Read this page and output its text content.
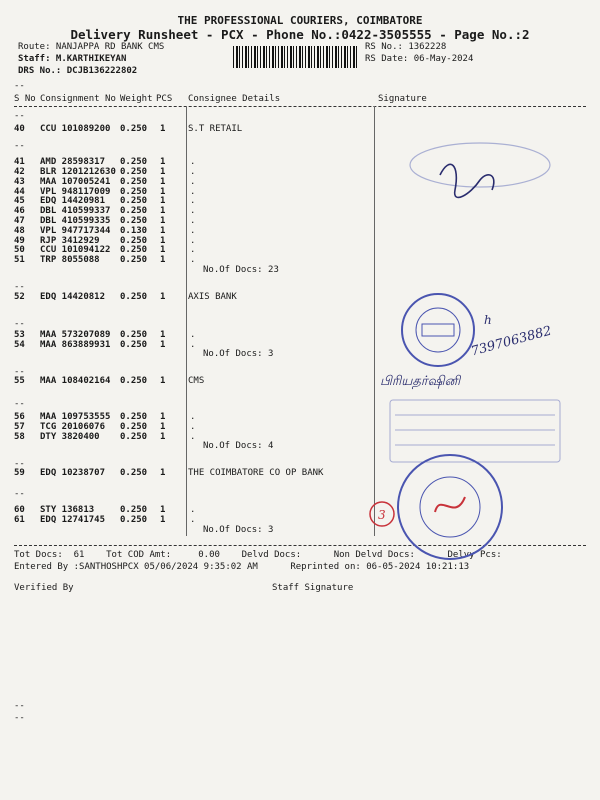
THE PROFESSIONAL COURIERS, COIMBATORE
Delivery Runsheet - PCX - Phone No.:0422-3505555 - Page No.:2
Route: NANJAPPA RD BANK CMS
Staff: M.KARTHIKEYAN
DRS No.: DCJB136222802
RS No.: 1362228
RS Date: 06-May-2024
--
S No Consignment No Weight PCS Consignee Details	Signature
--
--
--
--
--
--
--
--
40 CCU 101089200 0.250 1	S.T RETAIL
41 AMD 28598317 0.250 1	.
42 BLR 1201212630 0.250 1	.
43 MAA 107005241 0.250 1	.
44 VPL 948117009 0.250 1	.
45 EDQ 14420981 0.250 1	.
46 DBL 410599337 0.250 1	.
47 DBL 410599335 0.250 1	.
48 VPL 947717344 0.130 1	.
49 RJP 3412929 0.250 1	.
50 CCU 101094122 0.250 1	.
51 TRP 8055088 0.250 1	.
No.Of Docs: 23
52 EDQ 14420812 0.250 1	AXIS BANK
53 MAA 573207089 0.250 1	.
54 MAA 863889931 0.250 1	.
No.Of Docs: 3
55 MAA 108402164 0.250 1	CMS
56 MAA 109753555 0.250 1	.
57 TCG 20106076 0.250 1	.
58 DTY 3820400 0.250 1	.
No.Of Docs: 4
59 EDQ 10238707 0.250 1	THE COIMBATORE CO OP BANK
60 STY 136813	0.250 1	.
61 EDQ 12741745 0.250 1	.
No.Of Docs: 3
Tot Docs:  61    Tot COD Amt:     0.00    Delvd Docs:      Non Delvd Docs:      Delvy Pcs:
Entered By :SANTHOSHPCX 05/06/2024 9:35:02 AM      Reprinted on: 06-05-2024 10:21:13
Verified By	Staff Signature
--
--
h
7397063882
பிரியதர்ஷினி
3
